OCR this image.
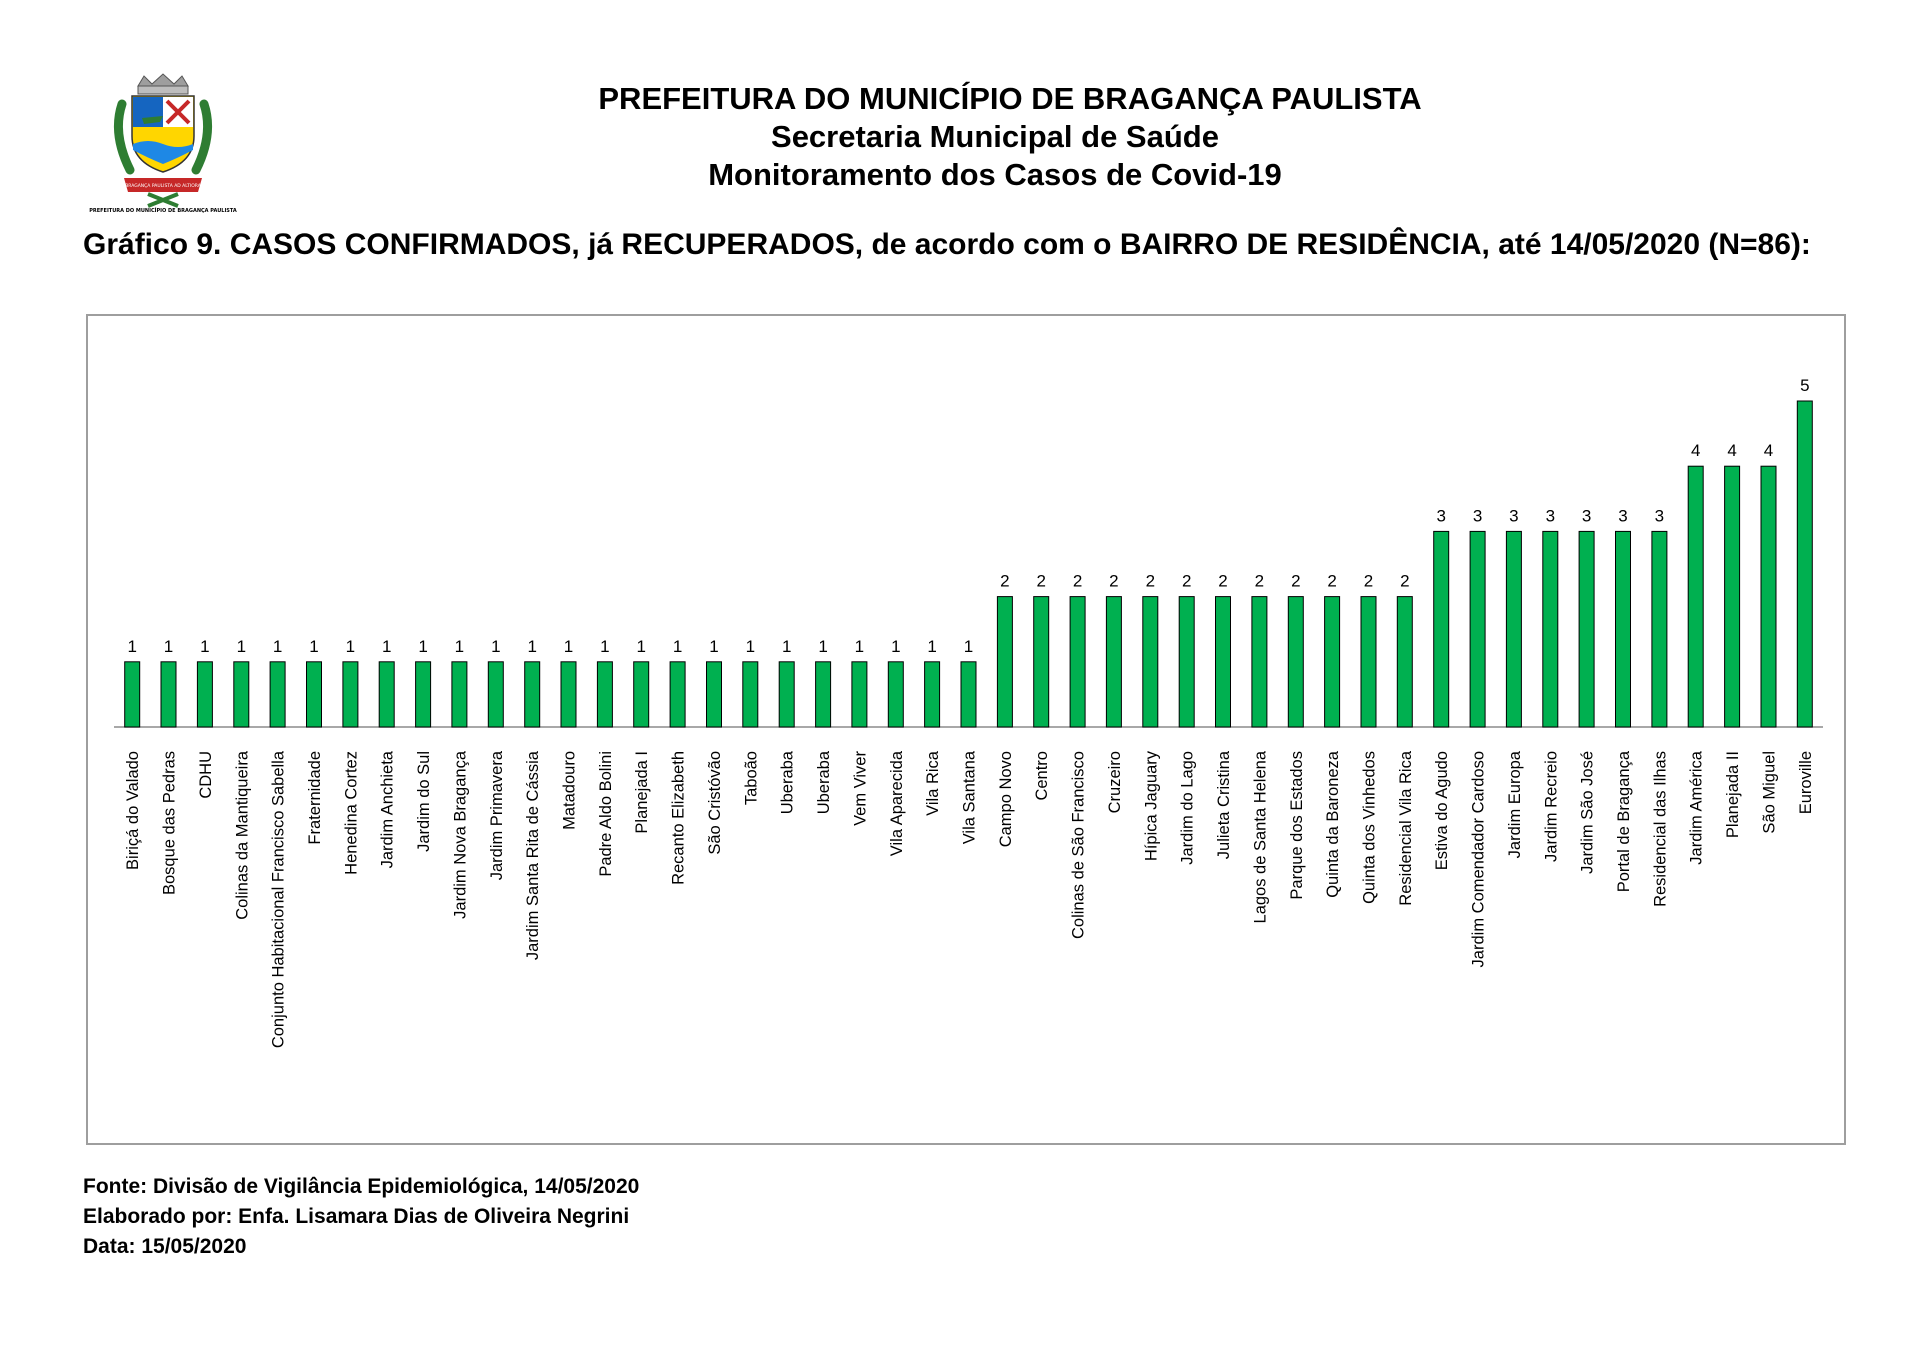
BRAGANÇA PAULISTA AD ALTIORA
PREFEITURA DO MUNICÍPIO DE BRAGANÇA PAULISTA
PREFEITURA DO MUNICÍPIO DE BRAGANÇA PAULISTA
Secretaria Municipal de Saúde
Monitoramento dos Casos de Covid-19

Gráfico 9. CASOS CONFIRMADOS, já RECUPERADOS, de acordo com o BAIRRO DE RESIDÊNCIA, até 14/05/2020 (N=86):

1
Biriçá do Valado
1
Bosque das Pedras
1
CDHU
1
Colinas da Mantiqueira
1
Conjunto Habitacional Francisco Sabella
1
Fraternidade
1
Henedina Cortez
1
Jardim Anchieta
1
Jardim do Sul
1
Jardim Nova Bragança
1
Jardim Primavera
1
Jardim Santa Rita de Cássia
1
Matadouro
1
Padre Aldo Bolini
1
Planejada I
1
Recanto Elizabeth
1
São Cristóvão
1
Taboão
1
Uberaba
1
Uberaba
1
Vem Viver
1
Vila Aparecida
1
Vila Rica
1
Vila Santana
2
Campo Novo
2
Centro
2
Colinas de São Francisco
2
Cruzeiro
2
Hípica Jaguary
2
Jardim do Lago
2
Julieta Cristina
2
Lagos de Santa Helena
2
Parque dos Estados
2
Quinta da Baroneza
2
Quinta dos Vinhedos
2
Residencial Vila Rica
3
Estiva do Agudo
3
Jardim Comendador Cardoso
3
Jardim Europa
3
Jardim Recreio
3
Jardim São José
3
Portal de Bragança
3
Residencial das Ilhas
4
Jardim América
4
Planejada II
4
São Miguel
5
Euroville
Fonte: Divisão de Vigilância Epidemiológica, 14/05/2020
Elaborado por: Enfa. Lisamara Dias de Oliveira Negrini
Data: 15/05/2020
